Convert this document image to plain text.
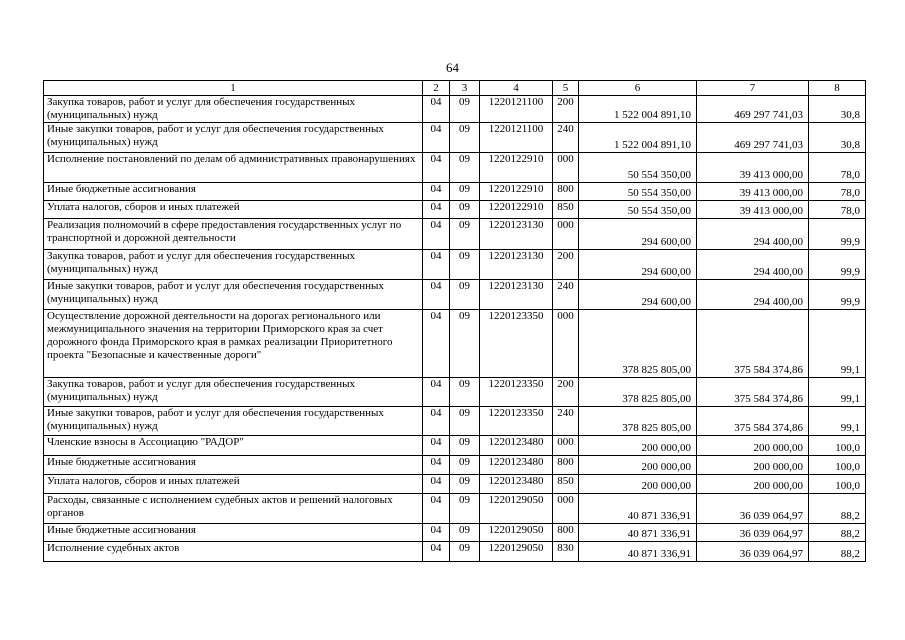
64
1	2	3	4	5	6	7	8
Закупка товаров, работ и услуг для обеспечения государственных (муниципальных) нужд	04	09	1220121100	200	1 522 004 891,10	469 297 741,03	30,8
Иные закупки товаров, работ и услуг для обеспечения государственных (муниципальных) нужд	04	09	1220121100	240	1 522 004 891,10	469 297 741,03	30,8
Исполнение постановлений по делам об административных правонарушениях	04	09	1220122910	000	50 554 350,00	39 413 000,00	78,0
Иные бюджетные ассигнования	04	09	1220122910	800	50 554 350,00	39 413 000,00	78,0
Уплата налогов, сборов и иных платежей	04	09	1220122910	850	50 554 350,00	39 413 000,00	78,0
Реализация полномочий в сфере предоставления государственных услуг по транспортной и дорожной деятельности	04	09	1220123130	000	294 600,00	294 400,00	99,9
Закупка товаров, работ и услуг для обеспечения государственных (муниципальных) нужд	04	09	1220123130	200	294 600,00	294 400,00	99,9
Иные закупки товаров, работ и услуг для обеспечения государственных (муниципальных) нужд	04	09	1220123130	240	294 600,00	294 400,00	99,9
Осуществление дорожной деятельности на дорогах регионального или межмуниципального значения на территории Приморского края за счет дорожного фонда Приморского края в рамках реализации Приоритетного проекта "Безопасные и качественные дороги"	04	09	1220123350	000	378 825 805,00	375 584 374,86	99,1
Закупка товаров, работ и услуг для обеспечения государственных (муниципальных) нужд	04	09	1220123350	200	378 825 805,00	375 584 374,86	99,1
Иные закупки товаров, работ и услуг для обеспечения государственных (муниципальных) нужд	04	09	1220123350	240	378 825 805,00	375 584 374,86	99,1
Членские взносы в Ассоциацию "РАДОР"	04	09	1220123480	000	200 000,00	200 000,00	100,0
Иные бюджетные ассигнования	04	09	1220123480	800	200 000,00	200 000,00	100,0
Уплата налогов, сборов и иных платежей	04	09	1220123480	850	200 000,00	200 000,00	100,0
Расходы, связанные с исполнением судебных актов и решений налоговых органов	04	09	1220129050	000	40 871 336,91	36 039 064,97	88,2
Иные бюджетные ассигнования	04	09	1220129050	800	40 871 336,91	36 039 064,97	88,2
Исполнение судебных актов	04	09	1220129050	830	40 871 336,91	36 039 064,97	88,2
